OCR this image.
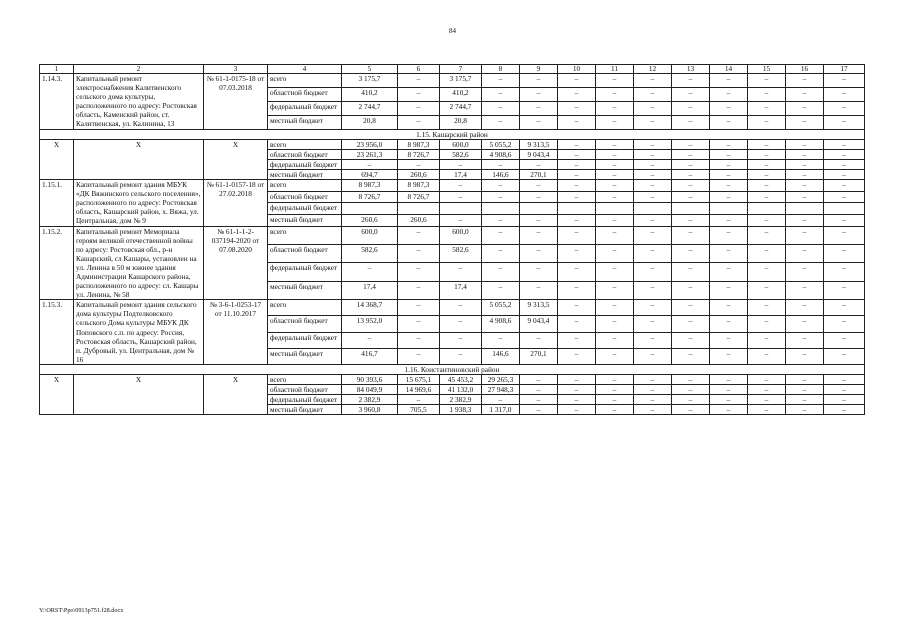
84
1	2	3	4	5	6	7	8	9	10	11	12	13	14	15	16	17
1.14.3.	Капитальный ремонт электроснабжения Калитвенского сельского дома культуры, расположенного по адресу: Ростовская область, Каменский район, ст. Калитвенская, ул. Калинина, 13	№ 61-1-0175-18 от 07.03.2018	всего	3 175,7	–	3 175,7	–	–	–	–	–	–	–	–	–	–
			областной бюджет	410,2	–	410,2	–	–	–	–	–	–	–	–	–	–
			федеральный бюджет	2 744,7	–	2 744,7	–	–	–	–	–	–	–	–	–	–
			местный бюджет	20,8	–	20,8	–	–	–	–	–	–	–	–	–	–
1.15. Кашарский район																
Х	Х	Х	всего	23 956,0	8 987,3	600,0	5 055,2	9 313,5	–	–	–	–	–	–	–	–
			областной бюджет	23 261,3	8 726,7	582,6	4 908,6	9 043,4	–	–	–	–	–	–	–	–
			федеральный бюджет	–	–	–	–	–	–	–	–	–	–	–	–	–
			местный бюджет	694,7	260,6	17,4	146,6	270,1	–	–	–	–	–	–	–	–
1.15.1.	Капитальный ремонт здания МБУК «ДК Вяжинского сельского поселения», расположенного по адресу: Ростовская область, Кашарский район, х. Вяжа, ул. Центральная, дом № 9	№ 61-1-0157-18 от 27.02.2018	всего	8 987,3	8 987,3	–	–	–	–	–	–	–	–	–	–	–
			областной бюджет	8 726,7	8 726,7	–	–	–	–	–	–	–	–	–	–	–
			федеральный бюджет													
			местный бюджет	260,6	260,6	–	–	–	–	–	–	–	–	–	–	–
1.15.2.	Капитальный ремонт Мемориала героям великой отечественной войны по адресу: Ростовская обл., р-н Кашарский, сл Кашары, установлен на ул. Ленина в 50 м южнее здания Администрации Кашарского района, расположенного по адресу: сл. Кашары ул. Ленина, № 58	№ 61-1-1-2-037194-2020 от 07.08.2020	всего	600,0	–	600,0	–	–	–	–	–	–	–	–	–	–
			областной бюджет	582,6	–	582,6	–	–	–	–	–	–	–	–	–	–
			федеральный бюджет	–	–	–	–	–	–	–	–	–	–	–	–	–
			местный бюджет	17,4	–	17,4	–	–	–	–	–	–	–	–	–	–
1.15.3.	Капитальный ремонт здания сельского дома культуры Подтелковского сельского Дома культуры МБУК ДК Поповского с.п. по адресу: Россия, Ростовская область, Кашарский район, п. Дубровый, ул. Центральная, дом № 16	№ 3-6-1-0253-17 от 11.10.2017	всего	14 368,7	–	–	5 055,2	9 313,5	–	–	–	–	–	–	–	–
			областной бюджет	13 952,0	–	–	4 908,6	9 043,4	–	–	–	–	–	–	–	–
			федеральный бюджет	–	–	–	–	–	–	–	–	–	–	–	–	–
			местный бюджет	416,7	–	–	146,6	270,1	–	–	–	–	–	–	–	–
1.16. Константиновский район																
Х	Х	Х	всего	90 393,6	15 675,1	45 453,2	29 265,3	–	–	–	–	–	–	–	–	–
			областной бюджет	84 049,9	14 969,6	41 132,0	27 948,3	–	–	–	–	–	–	–	–	–
			федеральный бюджет	2 382,9	–	2 382,9	–	–	–	–	–	–	–	–	–	–
			местный бюджет	3 960,8	705,5	1 938,3	1 317,0	–	–	–	–	–	–	–	–	–
Y:\ORST\Ppo\0913p751.f28.docx
